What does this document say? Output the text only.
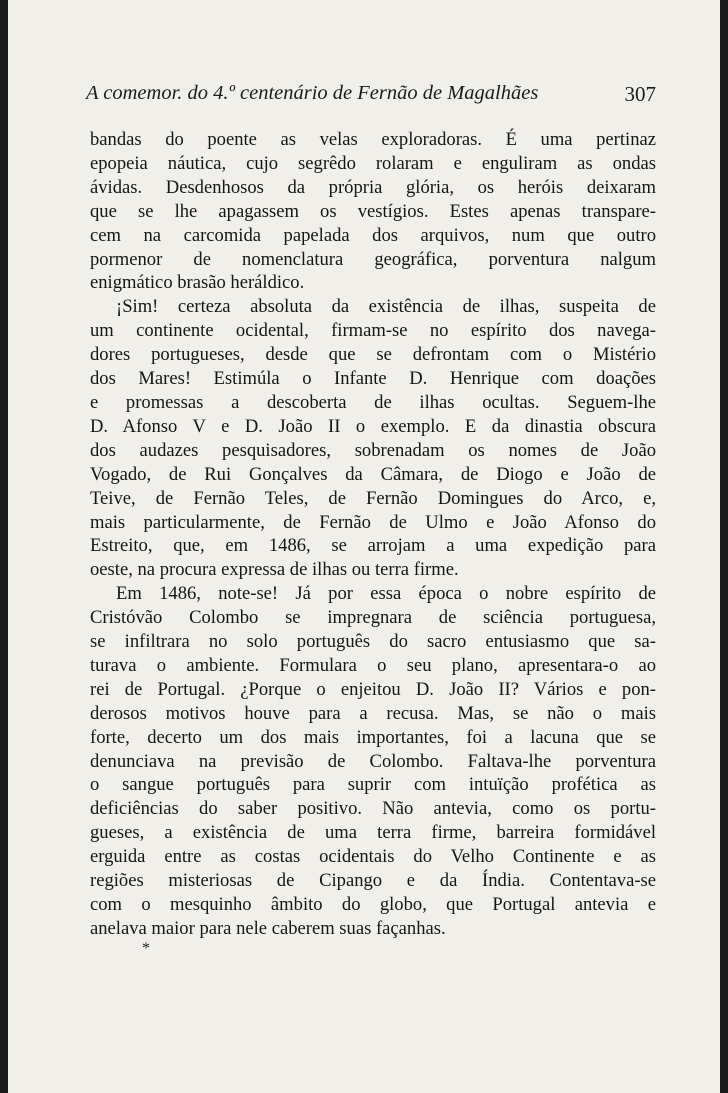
A comemor. do 4.º centenário de Fernão de Magalhães	307
bandas do poente as velas exploradoras. É uma pertinaz
epopeia náutica, cujo segrêdo rolaram e enguliram as ondas
ávidas. Desdenhosos da própria glória, os heróis deixaram
que se lhe apagassem os vestígios. Estes apenas transpare-
cem na carcomida papelada dos arquivos, num que outro
pormenor de nomenclatura geográfica, porventura nalgum
enigmático brasão heráldico.
¡Sim! certeza absoluta da existência de ilhas, suspeita de
um continente ocidental, firmam-se no espírito dos navega-
dores portugueses, desde que se defrontam com o Mistério
dos Mares! Estimúla o Infante D. Henrique com doações
e promessas a descoberta de ilhas ocultas. Seguem-lhe
D. Afonso V e D. João II o exemplo. E da dinastia obscura
dos audazes pesquisadores, sobrenadam os nomes de João
Vogado, de Rui Gonçalves da Câmara, de Diogo e João de
Teive, de Fernão Teles, de Fernão Domingues do Arco, e,
mais particularmente, de Fernão de Ulmo e João Afonso do
Estreito, que, em 1486, se arrojam a uma expedição para
oeste, na procura expressa de ilhas ou terra firme.
Em 1486, note-se! Já por essa época o nobre espírito de
Cristóvão Colombo se impregnara de sciência portuguesa,
se infiltrara no solo português do sacro entusiasmo que sa-
turava o ambiente. Formulara o seu plano, apresentara-o ao
rei de Portugal. ¿Porque o enjeitou D. João II? Vários e pon-
derosos motivos houve para a recusa. Mas, se não o mais
forte, decerto um dos mais importantes, foi a lacuna que se
denunciava na previsão de Colombo. Faltava-lhe porventura
o sangue português para suprir com intuïção profética as
deficiências do saber positivo. Não antevia, como os portu-
gueses, a existência de uma terra firme, barreira formidável
erguida entre as costas ocidentais do Velho Continente e as
regiões misteriosas de Cipango e da Índia. Contentava-se
com o mesquinho âmbito do globo, que Portugal antevia e
anelava maior para nele caberem suas façanhas.
*
